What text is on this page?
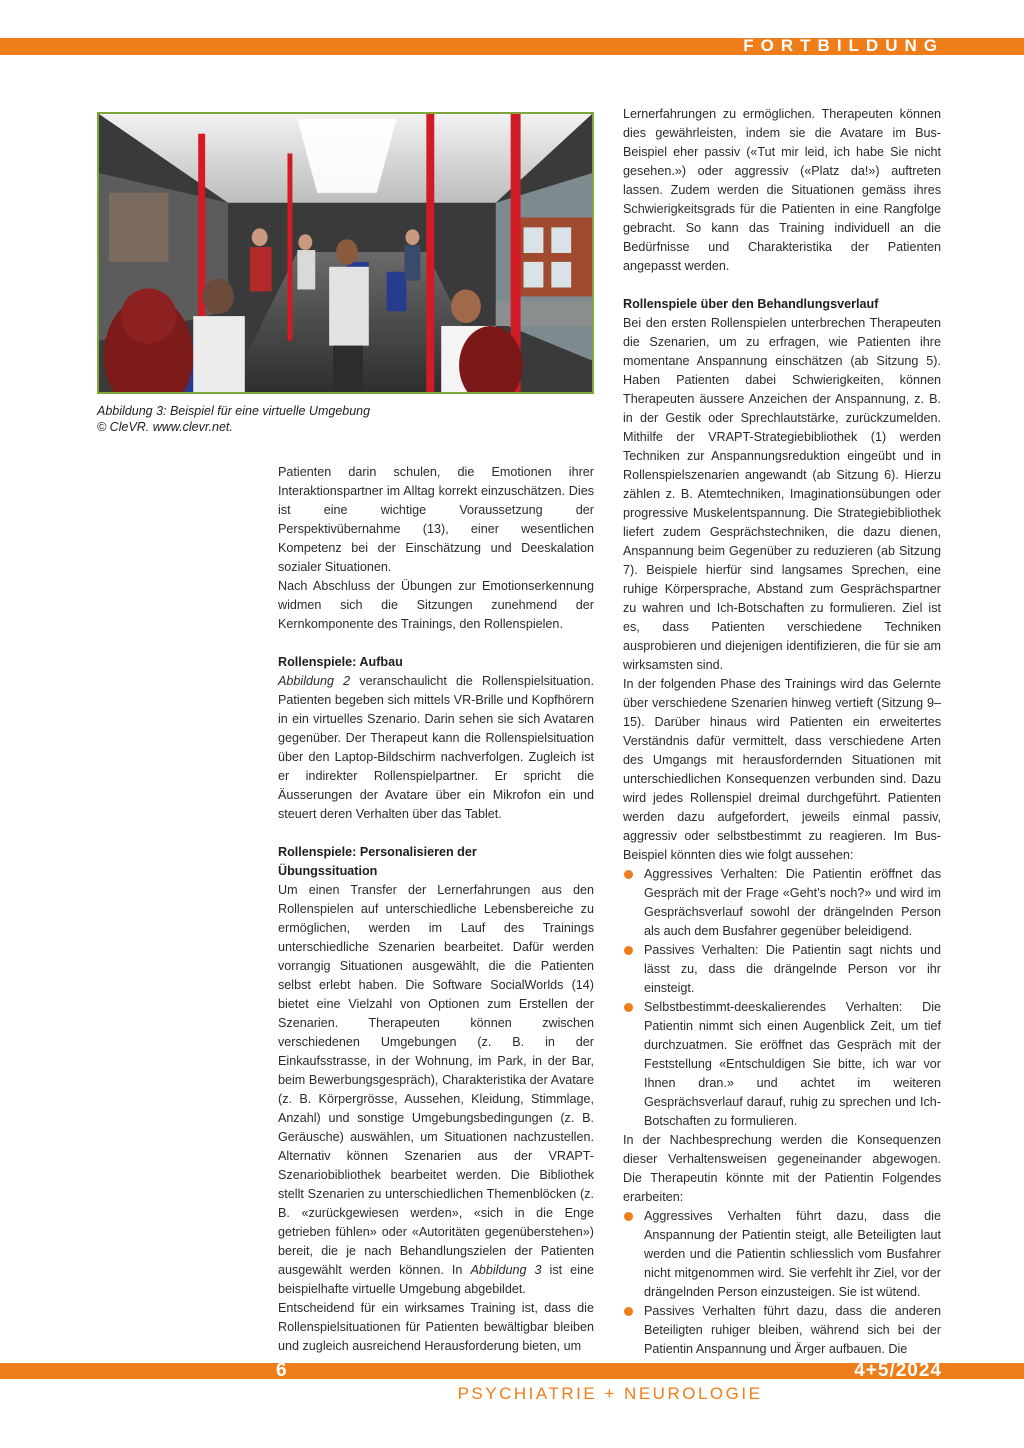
FORTBILDUNG
Abbildung 3: Beispiel für eine virtuelle Umgebung
© CleVR. www.clevr.net.

Patienten darin schulen, die Emotionen ihrer Interaktionspartner im Alltag korrekt einzuschätzen. Dies ist eine wichtige Voraussetzung der Perspektivübernahme (13), einer wesentlichen Kompetenz bei der Einschätzung und Deeskalation sozialer Situationen.

Nach Abschluss der Übungen zur Emotionserkennung widmen sich die Sitzungen zunehmend der Kernkomponente des Trainings, den Rollenspielen.

Rollenspiele: Aufbau

Abbildung 2 veranschaulicht die Rollenspielsituation. Patienten begeben sich mittels VR-Brille und Kopfhörern in ein virtuelles Szenario. Darin sehen sie sich Avataren gegenüber. Der Therapeut kann die Rollenspielsituation über den Laptop-Bildschirm nachverfolgen. Zugleich ist er indirekter Rollenspielpartner. Er spricht die Äusserungen der Avatare über ein Mikrofon ein und steuert deren Verhalten über das Tablet.

Rollenspiele: Personalisieren der
Übungssituation

Um einen Transfer der Lernerfahrungen aus den Rollenspielen auf unterschiedliche Lebensbereiche zu ermöglichen, werden im Lauf des Trainings unterschiedliche Szenarien bearbeitet. Dafür werden vorrangig Situationen ausgewählt, die die Patienten selbst erlebt haben. Die Software SocialWorlds (14) bietet eine Vielzahl von Optionen zum Erstellen der Szenarien. Therapeuten können zwischen verschiedenen Umgebungen (z. B. in der Einkaufsstrasse, in der Wohnung, im Park, in der Bar, beim Bewerbungsgespräch), Charakteristika der Avatare (z. B. Körpergrösse, Aussehen, Kleidung, Stimmlage, Anzahl) und sonstige Umgebungsbedingungen (z. B. Geräusche) auswählen, um Situationen nachzustellen. Alternativ können Szenarien aus der VRAPT-Szenariobibliothek bearbeitet werden. Die Bibliothek stellt Szenarien zu unterschiedlichen Themenblöcken (z. B. «zurückgewiesen werden», «sich in die Enge getrieben fühlen» oder «Autoritäten gegenüberstehen») bereit, die je nach Behandlungszielen der Patienten ausgewählt werden können. In Abbildung 3 ist eine beispielhafte virtuelle Umgebung abgebildet.

Entscheidend für ein wirksames Training ist, dass die Rollenspielsituationen für Patienten bewältigbar bleiben und zugleich ausreichend Herausforderung bieten, um

Lernerfahrungen zu ermöglichen. Therapeuten können dies gewährleisten, indem sie die Avatare im Bus-Beispiel eher passiv («Tut mir leid, ich habe Sie nicht gesehen.») oder aggressiv («Platz da!») auftreten lassen. Zudem werden die Situationen gemäss ihres Schwierigkeitsgrads für die Patienten in eine Rangfolge gebracht. So kann das Training individuell an die Bedürfnisse und Charakteristika der Patienten angepasst werden.

Rollenspiele über den Behandlungsverlauf

Bei den ersten Rollenspielen unterbrechen Therapeuten die Szenarien, um zu erfragen, wie Patienten ihre momentane Anspannung einschätzen (ab Sitzung 5). Haben Patienten dabei Schwierigkeiten, können Therapeuten äussere Anzeichen der Anspannung, z. B. in der Gestik oder Sprechlautstärke, zurückzumelden. Mithilfe der VRAPT-Strategiebibliothek (1) werden Techniken zur Anspannungsreduktion eingeübt und in Rollenspielszenarien angewandt (ab Sitzung 6). Hierzu zählen z. B. Atemtechniken, Imaginationsübungen oder progressive Muskelentspannung. Die Strategiebibliothek liefert zudem Gesprächstechniken, die dazu dienen, Anspannung beim Gegenüber zu reduzieren (ab Sitzung 7). Beispiele hierfür sind langsames Sprechen, eine ruhige Körpersprache, Abstand zum Gesprächspartner zu wahren und Ich-Botschaften zu formulieren. Ziel ist es, dass Patienten verschiedene Techniken ausprobieren und diejenigen identifizieren, die für sie am wirksamsten sind.

In der folgenden Phase des Trainings wird das Gelernte über verschiedene Szenarien hinweg vertieft (Sitzung 9–15). Darüber hinaus wird Patienten ein erweitertes Verständnis dafür vermittelt, dass verschiedene Arten des Umgangs mit herausfordernden Situationen mit unterschiedlichen Konsequenzen verbunden sind. Dazu wird jedes Rollenspiel dreimal durchgeführt. Patienten werden dazu aufgefordert, jeweils einmal passiv, aggressiv oder selbstbestimmt zu reagieren. Im Bus-Beispiel könnten dies wie folgt aussehen:

Aggressives Verhalten: Die Patientin eröffnet das Gespräch mit der Frage «Geht’s noch?» und wird im Gesprächsverlauf sowohl der drängelnden Person als auch dem Busfahrer gegenüber beleidigend.
Passives Verhalten: Die Patientin sagt nichts und lässt zu, dass die drängelnde Person vor ihr einsteigt.
Selbstbestimmt-deeskalierendes Verhalten: Die Patientin nimmt sich einen Augenblick Zeit, um tief durchzuatmen. Sie eröffnet das Gespräch mit der Feststellung «Entschuldigen Sie bitte, ich war vor Ihnen dran.» und achtet im weiteren Gesprächsverlauf darauf, ruhig zu sprechen und Ich-Botschaften zu formulieren.

In der Nachbesprechung werden die Konsequenzen dieser Verhaltensweisen gegeneinander abgewogen. Die Therapeutin könnte mit der Patientin Folgendes erarbeiten:

Aggressives Verhalten führt dazu, dass die Anspannung der Patientin steigt, alle Beteiligten laut werden und die Patientin schliesslich vom Busfahrer nicht mitgenommen wird. Sie verfehlt ihr Ziel, vor der drängelnden Person einzusteigen. Sie ist wütend.
Passives Verhalten führt dazu, dass die anderen Beteiligten ruhiger bleiben, während sich bei der Patientin Anspannung und Ärger aufbauen. Die
6	4+5/2024
PSYCHIATRIE + NEUROLOGIE
